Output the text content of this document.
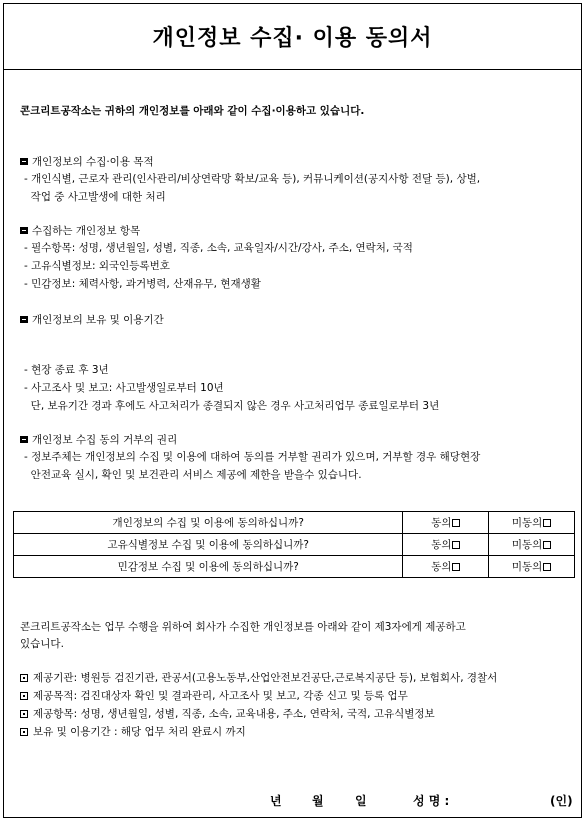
개인정보 수집· 이용 동의서
콘크리트공작소는 귀하의 개인정보를 아래와 같이 수집·이용하고 있습니다.
개인정보의 수집·이용 목적
- 개인식별, 근로자 관리(인사관리/비상연락망 확보/교육 등), 커뮤니케이션(공지사항 전달 등), 상벌,
작업 중 사고발생에 대한 처리
수집하는 개인정보 항목
- 필수항목: 성명, 생년월일, 성별, 직종, 소속, 교육일자/시간/강사, 주소, 연락처, 국적
- 고유식별정보: 외국인등록번호
- 민감정보: 체력사항, 과거병력, 산재유무, 현재생활
개인정보의 보유 및 이용기간
- 현장 종료 후 3년
- 사고조사 및 보고: 사고발생일로부터 10년
단, 보유기간 경과 후에도 사고처리가 종결되지 않은 경우 사고처리업무 종료일로부터 3년
개인정보 수집 동의 거부의 권리
- 정보주체는 개인정보의 수집 및 이용에 대하여 동의를 거부할 권리가 있으며, 거부할 경우 해당현장
안전교육 실시, 확인 및 보건관리 서비스 제공에 제한을 받을수 있습니다.
개인정보의 수집 및 이용에 동의하십니까?	동의	미동의
고유식별정보 수집 및 이용에 동의하십니까?	동의	미동의
민감정보 수집 및 이용에 동의하십니까?	동의	미동의
콘크리트공작소는 업무 수행을 위하여 회사가 수집한 개인정보를 아래와 같이 제3자에게 제공하고
있습니다.
제공기관: 병원등 검진기관, 관공서(고용노동부,산업안전보건공단,근로복지공단 등), 보험회사, 경찰서
제공목적: 검진대상자 확인 및 결과관리, 사고조사 및 보고, 각종 신고 및 등록 업무
제공항목: 성명, 생년월일, 성별, 직종, 소속, 교육내용, 주소, 연락처, 국적, 고유식별정보
보유 및 이용기간 : 해당 업무 처리 완료시 까지
년	월	일	성 명 :	(인)
